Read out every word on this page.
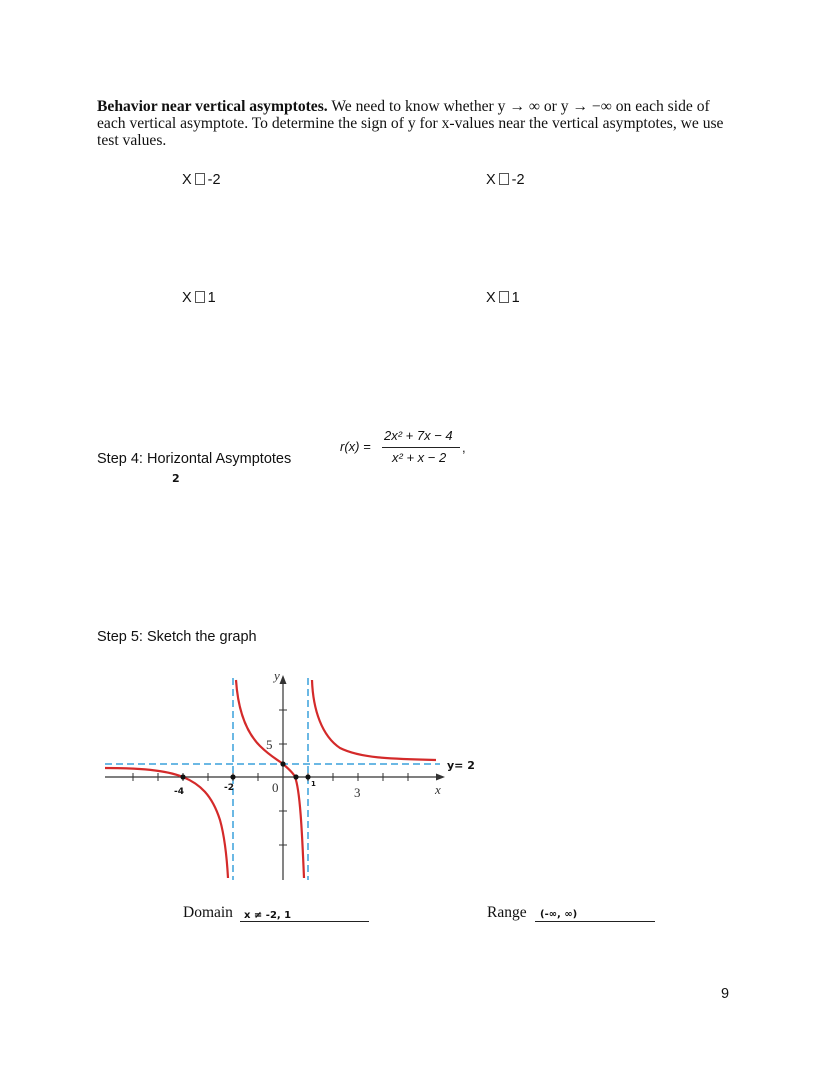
Behavior near vertical asymptotes. We need to know whether y → ∞ or y → −∞ on each side of each vertical asymptote. To determine the sign of y for x-values near the vertical asymptotes, we use test values.
X -2	X -2
X 1	X 1
Step 4: Horizontal Asymptotes
2
r(x) =
2x² + 7x − 4
x² + x − 2
,
Step 5: Sketch the graph
y
x
5
0	3
-4	-2	1
y= 2
Domain x ≠ -2, 1	Range (-∞, ∞)
9
